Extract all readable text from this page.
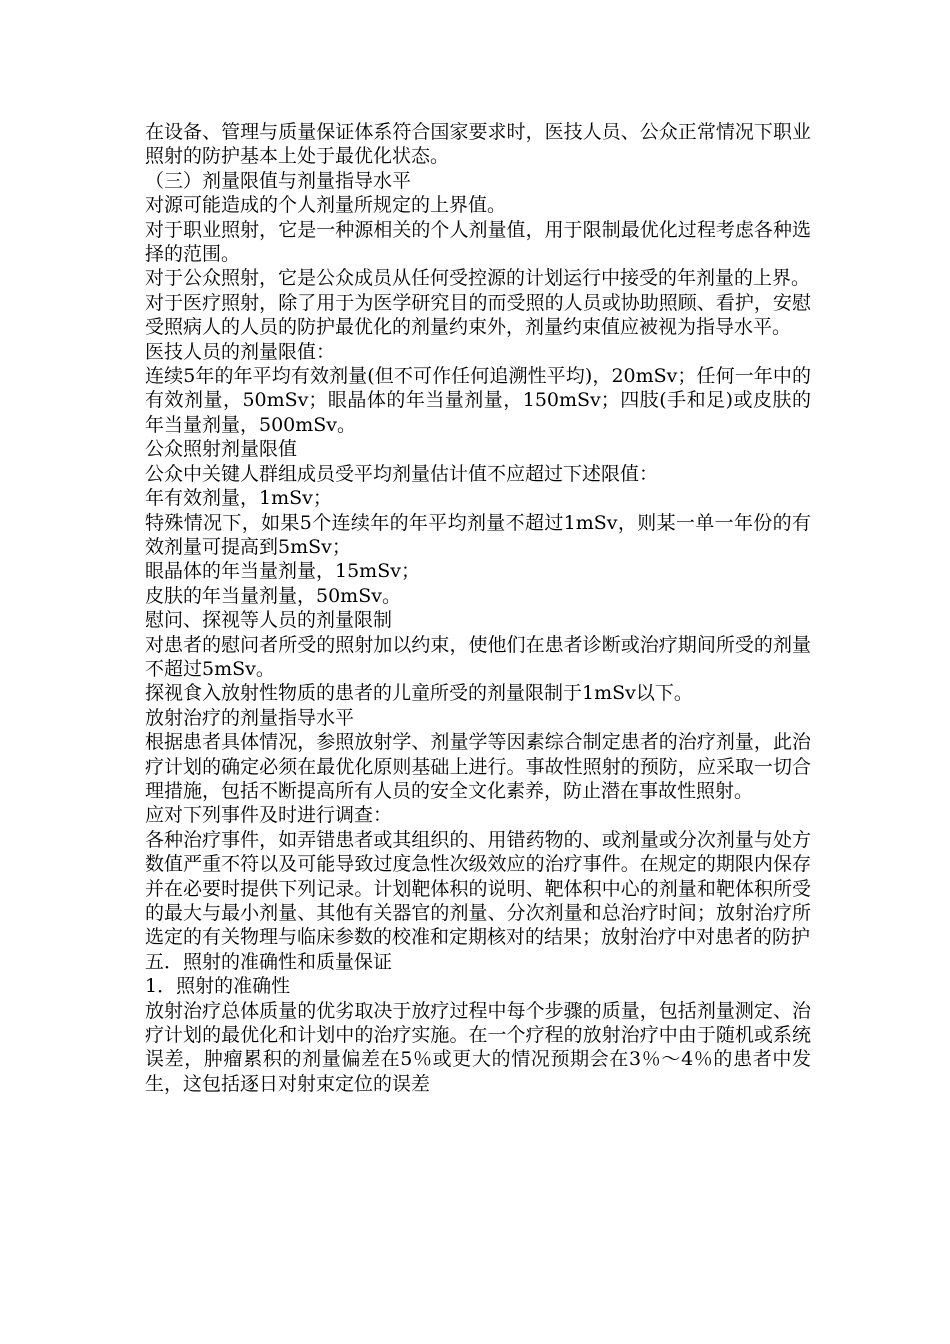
在设备、管理与质量保证体系符合国家要求时，医技人员、公众正常情况下职业照射的防护基本上处于最优化状态。

（三）剂量限值与剂量指导水平

对源可能造成的个人剂量所规定的上界值。

对于职业照射，它是一种源相关的个人剂量值，用于限制最优化过程考虑各种选择的范围。

对于公众照射，它是公众成员从任何受控源的计划运行中接受的年剂量的上界。

对于医疗照射，除了用于为医学研究目的而受照的人员或协助照顾、看护，安慰受照病人的人员的防护最优化的剂量约束外，剂量约束值应被视为指导水平。

医技人员的剂量限值：

连续5年的年平均有效剂量(但不可作任何追溯性平均)，20mSv；任何一年中的有效剂量，50mSv；眼晶体的年当量剂量，150mSv；四肢(手和足)或皮肤的年当量剂量，500mSv。

公众照射剂量限值

公众中关键人群组成员受平均剂量估计值不应超过下述限值：

年有效剂量，1mSv；

特殊情况下，如果5个连续年的年平均剂量不超过1mSv，则某一单一年份的有效剂量可提高到5mSv；

眼晶体的年当量剂量，15mSv；

皮肤的年当量剂量，50mSv。

慰问、探视等人员的剂量限制

对患者的慰问者所受的照射加以约束，使他们在患者诊断或治疗期间所受的剂量不超过5mSv。

探视食入放射性物质的患者的儿童所受的剂量限制于1mSv以下。

放射治疗的剂量指导水平

根据患者具体情况，参照放射学、剂量学等因素综合制定患者的治疗剂量，此治疗计划的确定必须在最优化原则基础上进行。事故性照射的预防，应采取一切合理措施，包括不断提高所有人员的安全文化素养，防止潜在事故性照射。

应对下列事件及时进行调查：

各种治疗事件，如弄错患者或其组织的、用错药物的、或剂量或分次剂量与处方数值严重不符以及可能导致过度急性次级效应的治疗事件。在规定的期限内保存并在必要时提供下列记录。计划靶体积的说明、靶体积中心的剂量和靶体积所受的最大与最小剂量、其他有关器官的剂量、分次剂量和总治疗时间；放射治疗所选定的有关物理与临床参数的校准和定期核对的结果；放射治疗中对患者的防护

五．照射的准确性和质量保证

1．照射的准确性

放射治疗总体质量的优劣取决于放疗过程中每个步骤的质量，包括剂量测定、治疗计划的最优化和计划中的治疗实施。在一个疗程的放射治疗中由于随机或系统误差，肿瘤累积的剂量偏差在5％或更大的情况预期会在3％～4％的患者中发生，这包括逐日对射束定位的误差
